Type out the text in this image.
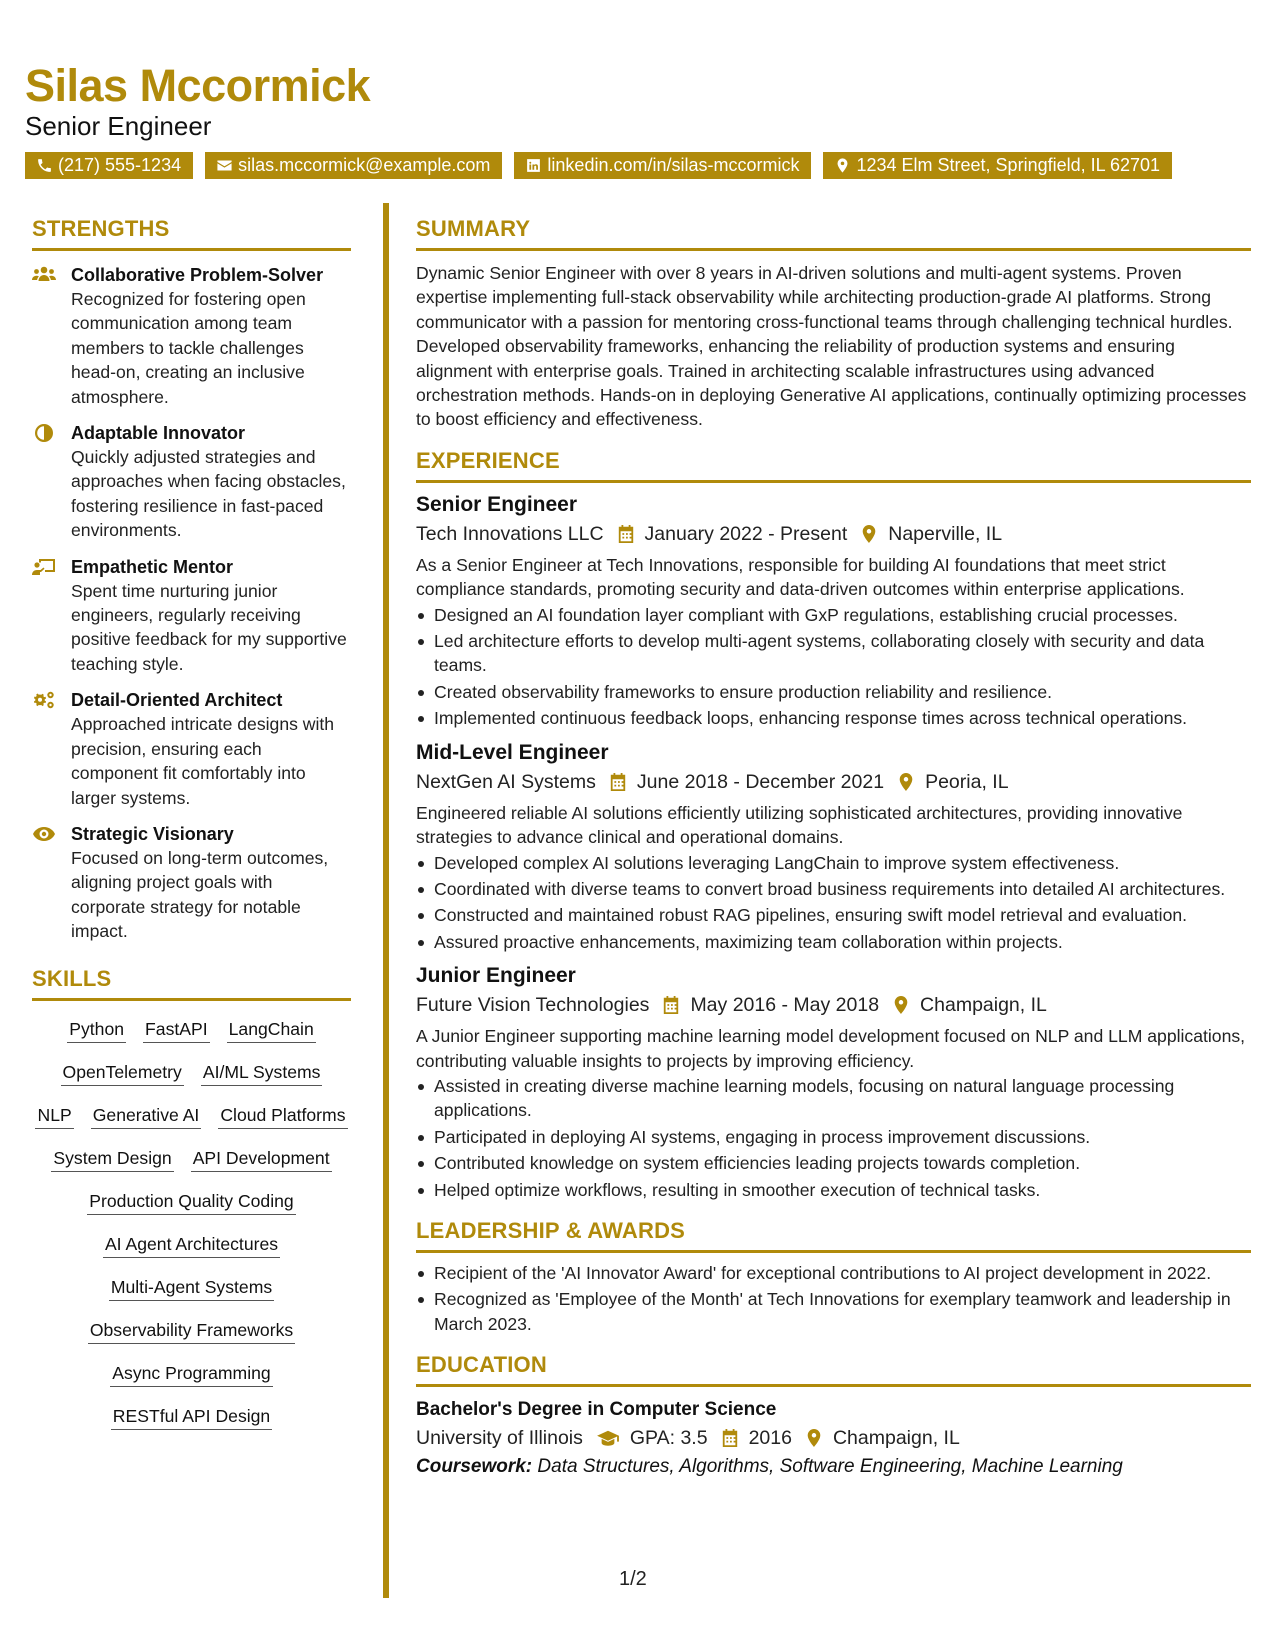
Silas Mccormick
Senior Engineer
(217) 555-1234	silas.mccormick@example.com	linkedin.com/in/silas-mccormick	1234 Elm Street, Springfield, IL 62701
STRENGTHS
Collaborative Problem-Solver
Recognized for fostering open communication among team members to tackle challenges head-on, creating an inclusive atmosphere.
Adaptable Innovator
Quickly adjusted strategies and approaches when facing obstacles, fostering resilience in fast-paced environments.
Empathetic Mentor
Spent time nurturing junior engineers, regularly receiving positive feedback for my supportive teaching style.
Detail-Oriented Architect
Approached intricate designs with precision, ensuring each component fit comfortably into larger systems.
Strategic Visionary
Focused on long-term outcomes, aligning project goals with corporate strategy for notable impact.
SKILLS
Python FastAPI LangChain
OpenTelemetry AI/ML Systems
NLP Generative AI Cloud Platforms
System Design API Development
Production Quality Coding
AI Agent Architectures
Multi-Agent Systems
Observability Frameworks
Async Programming
RESTful API Design
SUMMARY
Dynamic Senior Engineer with over 8 years in AI-driven solutions and multi-agent systems. Proven expertise implementing full-stack observability while architecting production-grade AI platforms. Strong communicator with a passion for mentoring cross-functional teams through challenging technical hurdles. Developed observability frameworks, enhancing the reliability of production systems and ensuring alignment with enterprise goals. Trained in architecting scalable infrastructures using advanced orchestration methods. Hands-on in deploying Generative AI applications, continually optimizing processes to boost efficiency and effectiveness.
EXPERIENCE
Senior Engineer
Tech Innovations LLC January 2022 - Present Naperville, IL
As a Senior Engineer at Tech Innovations, responsible for building AI foundations that meet strict compliance standards, promoting security and data-driven outcomes within enterprise applications.
Designed an AI foundation layer compliant with GxP regulations, establishing crucial processes.
Led architecture efforts to develop multi-agent systems, collaborating closely with security and data teams.
Created observability frameworks to ensure production reliability and resilience.
Implemented continuous feedback loops, enhancing response times across technical operations.
Mid-Level Engineer
NextGen AI Systems June 2018 - December 2021 Peoria, IL
Engineered reliable AI solutions efficiently utilizing sophisticated architectures, providing innovative strategies to advance clinical and operational domains.
Developed complex AI solutions leveraging LangChain to improve system effectiveness.
Coordinated with diverse teams to convert broad business requirements into detailed AI architectures.
Constructed and maintained robust RAG pipelines, ensuring swift model retrieval and evaluation.
Assured proactive enhancements, maximizing team collaboration within projects.
Junior Engineer
Future Vision Technologies May 2016 - May 2018 Champaign, IL
A Junior Engineer supporting machine learning model development focused on NLP and LLM applications, contributing valuable insights to projects by improving efficiency.
Assisted in creating diverse machine learning models, focusing on natural language processing applications.
Participated in deploying AI systems, engaging in process improvement discussions.
Contributed knowledge on system efficiencies leading projects towards completion.
Helped optimize workflows, resulting in smoother execution of technical tasks.
LEADERSHIP & AWARDS
Recipient of the 'AI Innovator Award' for exceptional contributions to AI project development in 2022.
Recognized as 'Employee of the Month' at Tech Innovations for exemplary teamwork and leadership in March 2023.
EDUCATION
Bachelor's Degree in Computer Science
University of Illinois GPA: 3.5 2016 Champaign, IL
Coursework: Data Structures, Algorithms, Software Engineering, Machine Learning
1/2
